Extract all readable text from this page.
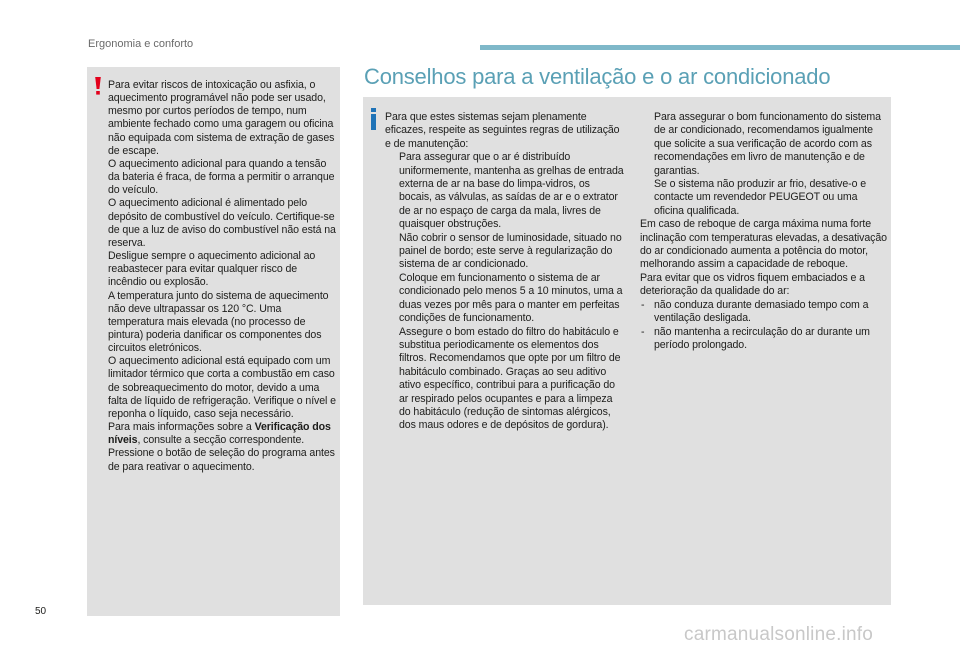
Ergonomia e conforto

Para evitar riscos de intoxicação ou asfixia, o aquecimento programável não pode ser usado, mesmo por curtos períodos de tempo, num ambiente fechado como uma garagem ou oficina não equipada com sistema de extração de gases de escape.

O aquecimento adicional para quando a tensão da bateria é fraca, de forma a permitir o arranque do veículo.

O aquecimento adicional é alimentado pelo depósito de combustível do veículo. Certifique-se de que a luz de aviso do combustível não está na reserva.

Desligue sempre o aquecimento adicional ao reabastecer para evitar qualquer risco de incêndio ou explosão.

A temperatura junto do sistema de aquecimento não deve ultrapassar os 120 °C. Uma temperatura mais elevada (no processo de pintura) poderia danificar os componentes dos circuitos eletrónicos.

O aquecimento adicional está equipado com um limitador térmico que corta a combustão em caso de sobreaquecimento do motor, devido a uma falta de líquido de refrigeração. Verifique o nível e reponha o líquido, caso seja necessário.

Para mais informações sobre a Verificação dos níveis, consulte a secção correspondente.

Pressione o botão de seleção do programa antes de para reativar o aquecimento.

Conselhos para a ventilação e o ar condicionado

Para que estes sistemas sejam plenamente eficazes, respeite as seguintes regras de utilização e de manutenção:

Para assegurar que o ar é distribuído uniformemente, mantenha as grelhas de entrada externa de ar na base do limpa-vidros, os bocais, as válvulas, as saídas de ar e o extrator de ar no espaço de carga da mala, livres de quaisquer obstruções.

Não cobrir o sensor de luminosidade, situado no painel de bordo; este serve à regularização do sistema de ar condicionado.

Coloque em funcionamento o sistema de ar condicionado pelo menos 5 a 10 minutos, uma a duas vezes por mês para o manter em perfeitas condições de funcionamento.

Assegure o bom estado do filtro do habitáculo e substitua periodicamente os elementos dos filtros. Recomendamos que opte por um filtro de habitáculo combinado. Graças ao seu aditivo ativo específico, contribui para a purificação do ar respirado pelos ocupantes e para a limpeza do habitáculo (redução de sintomas alérgicos, dos maus odores e de depósitos de gordura).

Para assegurar o bom funcionamento do sistema de ar condicionado, recomendamos igualmente que solicite a sua verificação de acordo com as recomendações em livro de manutenção e de garantias.

Se o sistema não produzir ar frio, desative-o e contacte um revendedor PEUGEOT ou uma oficina qualificada.

Em caso de reboque de carga máxima numa forte inclinação com temperaturas elevadas, a desativação do ar condicionado aumenta a potência do motor, melhorando assim a capacidade de reboque.

Para evitar que os vidros fiquem embaciados e a deterioração da qualidade do ar:

- não conduza durante demasiado tempo com a ventilação desligada.

- não mantenha a recirculação do ar durante um período prolongado.

50
carmanualsonline.info
